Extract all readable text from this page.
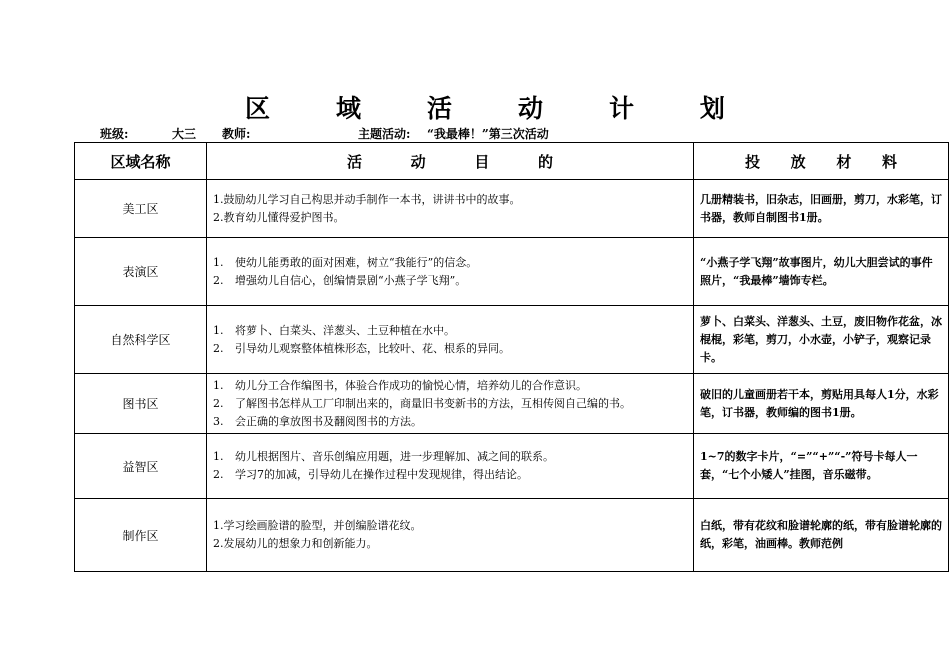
区	域	活	动	计	划
班级:	大三 教师:	主题活动: “我最棒！”第三次活动
区域名称	活 动 目 的	投 放 材 料

美工区	1.鼓励幼儿学习自己构思并动手制作一本书，讲讲书中的故事。
2.教育幼儿懂得爱护图书。	几册精装书，旧杂志，旧画册，剪刀，水彩笔，订书器，教师自制图书1册。
表演区	1. 使幼儿能勇敢的面对困难，树立“我能行”的信念。
2. 增强幼儿自信心，创编情景剧“小燕子学飞翔”。	“小燕子学飞翔”故事图片，幼儿大胆尝试的事件照片，“我最棒”墙饰专栏。
自然科学区	1. 将萝卜、白菜头、洋葱头、土豆种植在水中。
2. 引导幼儿观察整体植株形态，比较叶、花、根系的异同。	萝卜、白菜头、洋葱头、土豆，废旧物作花盆，冰棍棍，彩笔，剪刀，小水壶，小铲子，观察记录卡。
图书区	1. 幼儿分工合作编图书，体验合作成功的愉悦心情，培养幼儿的合作意识。
2. 了解图书怎样从工厂印制出来的，商量旧书变新书的方法，互相传阅自己编的书。
3. 会正确的拿放图书及翻阅图书的方法。	破旧的儿童画册若干本，剪贴用具每人1分，水彩笔，订书器，教师编的图书1册。
益智区	1. 幼儿根据图片、音乐创编应用题，进一步理解加、减之间的联系。
2. 学习7的加减，引导幼儿在操作过程中发现规律，得出结论。	1~7的数字卡片，“=”“+”“-”符号卡每人一套，“七个小矮人”挂图，音乐磁带。
制作区	1.学习绘画脸谱的脸型，并创编脸谱花纹。
2.发展幼儿的想象力和创新能力。	白纸，带有花纹和脸谱轮廓的纸，带有脸谱轮廓的纸，彩笔，油画棒。教师范例
